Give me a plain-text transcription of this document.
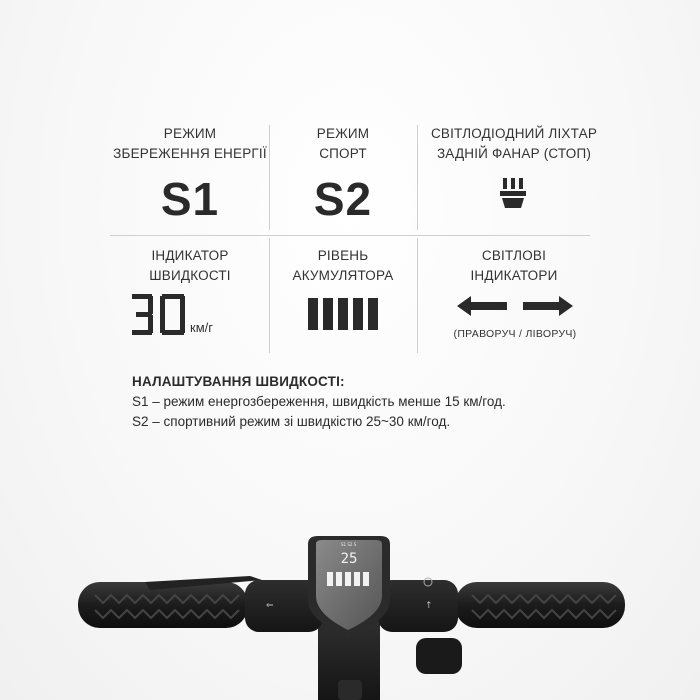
РЕЖИМ
ЗБЕРЕЖЕННЯ ЕНЕРГІЇ
S1
РЕЖИМ
СПОРТ
S2
СВІТЛОДІОДНИЙ ЛІХТАР
ЗАДНІЙ ФАНАР (СТОП)
ІНДИКАТОР
ШВИДКОСТІ
км/г
РІВЕНЬ
АКУМУЛЯТОРА
СВІТЛОВІ
ІНДИКАТОРИ
(ПРАВОРУЧ / ЛІВОРУЧ)
НАЛАШТУВАННЯ ШВИДКОСТІ:
S1 – режим енергозбереження, швидкість менше 15 км/год.
S2 – спортивний режим зі швидкістю 25~30 км/год.
⇐	↑
S1 S2 S
25
